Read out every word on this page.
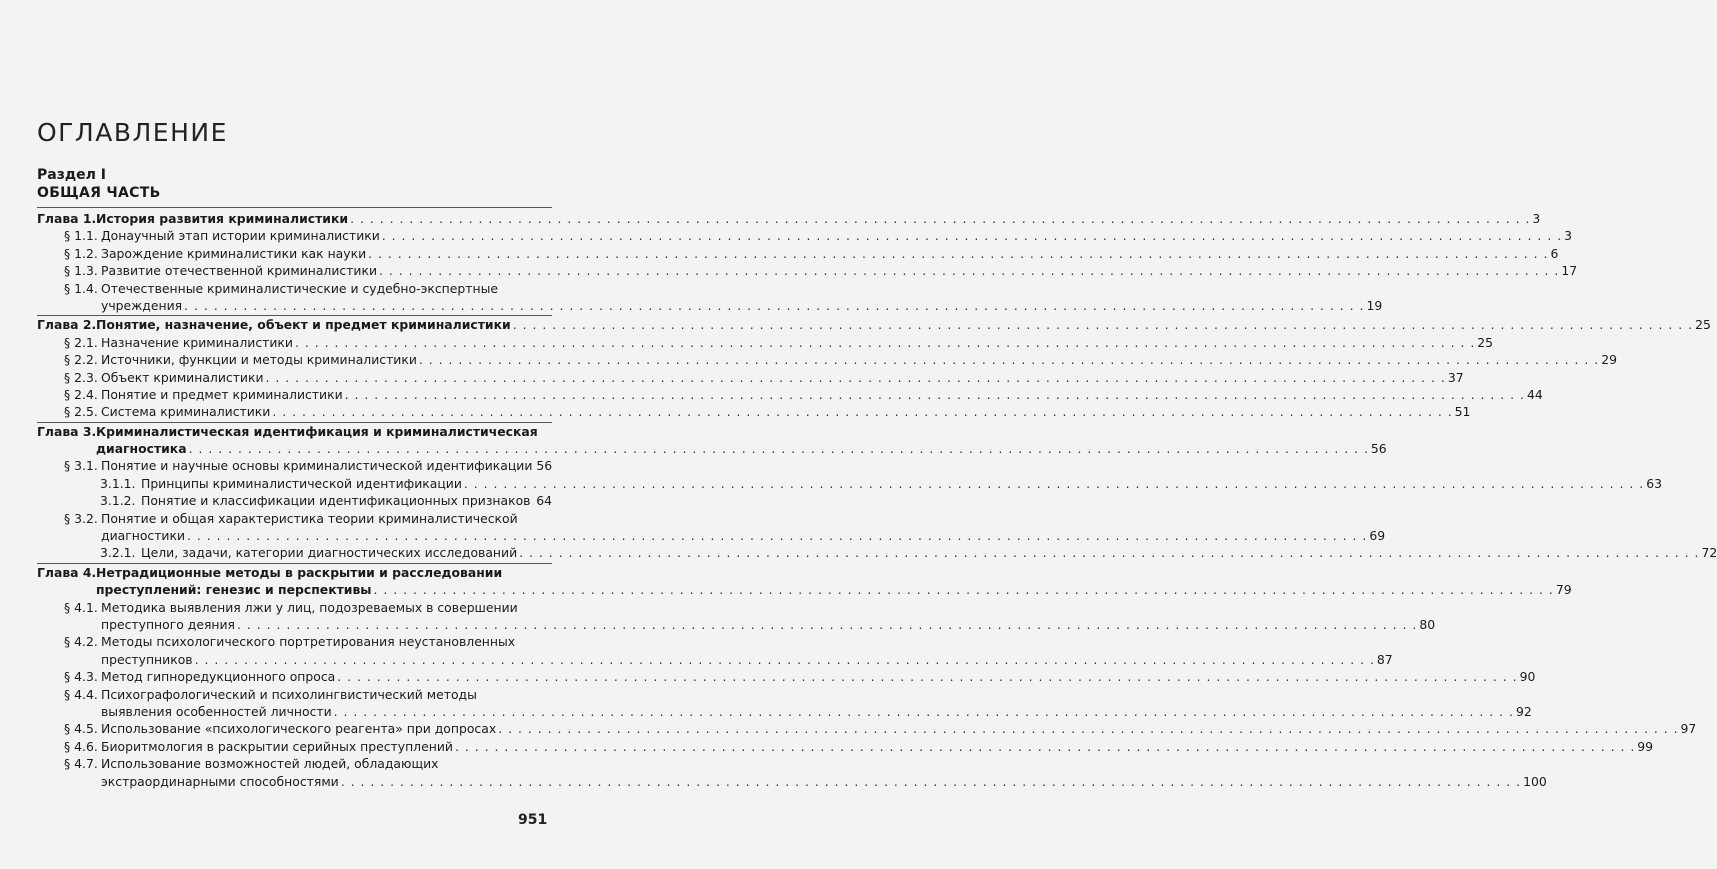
ОГЛАВЛЕНИЕ
Раздел I
ОБЩАЯ ЧАСТЬ
Глава 1. История развития криминалистики . . . . . . . . . . . . . . . . . . . . . . . . . . . . . . . . . . . . . . . . . . . . . . . . . . . . . . . . . . . . . . . . . . . . . . . . . . . . . . . . . . . . . . . . . . . . . . . . . . . . . . . . . . . . . . . . . . . . . . . . 3
§ 1.1. Донаучный этап истории криминалистики . . . . . . . . . . . . . . . . . . . . . . . . . . . . . . . . . . . . . . . . . . . . . . . . . . . . . . . . . . . . . . . . . . . . . . . . . . . . . . . . . . . . . . . . . . . . . . . . . . . . . . . . . . . . . . . . . . . . . . . . 3
§ 1.2. Зарождение криминалистики как науки . . . . . . . . . . . . . . . . . . . . . . . . . . . . . . . . . . . . . . . . . . . . . . . . . . . . . . . . . . . . . . . . . . . . . . . . . . . . . . . . . . . . . . . . . . . . . . . . . . . . . . . . . . . . . . . . . . . . . . . . 6
§ 1.3. Развитие отечественной криминалистики . . . . . . . . . . . . . . . . . . . . . . . . . . . . . . . . . . . . . . . . . . . . . . . . . . . . . . . . . . . . . . . . . . . . . . . . . . . . . . . . . . . . . . . . . . . . . . . . . . . . . . . . . . . . . . . . . . . . . . . . 17
§ 1.4. Отечественные криминалистические и судебно-экспертные
учреждения . . . . . . . . . . . . . . . . . . . . . . . . . . . . . . . . . . . . . . . . . . . . . . . . . . . . . . . . . . . . . . . . . . . . . . . . . . . . . . . . . . . . . . . . . . . . . . . . . . . . . . . . . . . . . . . . . . . . . . . . 19
Глава 2. Понятие, назначение, объект и предмет криминалистики . . . . . . . . . . . . . . . . . . . . . . . . . . . . . . . . . . . . . . . . . . . . . . . . . . . . . . . . . . . . . . . . . . . . . . . . . . . . . . . . . . . . . . . . . . . . . . . . . . . . . . . . . . . . . . . . . . . . . . . . 25
§ 2.1. Назначение криминалистики . . . . . . . . . . . . . . . . . . . . . . . . . . . . . . . . . . . . . . . . . . . . . . . . . . . . . . . . . . . . . . . . . . . . . . . . . . . . . . . . . . . . . . . . . . . . . . . . . . . . . . . . . . . . . . . . . . . . . . . . 25
§ 2.2. Источники, функции и методы криминалистики . . . . . . . . . . . . . . . . . . . . . . . . . . . . . . . . . . . . . . . . . . . . . . . . . . . . . . . . . . . . . . . . . . . . . . . . . . . . . . . . . . . . . . . . . . . . . . . . . . . . . . . . . . . . . . . . . . . . . . . . 29
§ 2.3. Объект криминалистики . . . . . . . . . . . . . . . . . . . . . . . . . . . . . . . . . . . . . . . . . . . . . . . . . . . . . . . . . . . . . . . . . . . . . . . . . . . . . . . . . . . . . . . . . . . . . . . . . . . . . . . . . . . . . . . . . . . . . . . . 37
§ 2.4. Понятие и предмет криминалистики . . . . . . . . . . . . . . . . . . . . . . . . . . . . . . . . . . . . . . . . . . . . . . . . . . . . . . . . . . . . . . . . . . . . . . . . . . . . . . . . . . . . . . . . . . . . . . . . . . . . . . . . . . . . . . . . . . . . . . . . 44
§ 2.5. Система криминалистики . . . . . . . . . . . . . . . . . . . . . . . . . . . . . . . . . . . . . . . . . . . . . . . . . . . . . . . . . . . . . . . . . . . . . . . . . . . . . . . . . . . . . . . . . . . . . . . . . . . . . . . . . . . . . . . . . . . . . . . . 51
Глава 3. Криминалистическая идентификация и криминалистическая
диагностика . . . . . . . . . . . . . . . . . . . . . . . . . . . . . . . . . . . . . . . . . . . . . . . . . . . . . . . . . . . . . . . . . . . . . . . . . . . . . . . . . . . . . . . . . . . . . . . . . . . . . . . . . . . . . . . . . . . . . . . . 56
§ 3.1. Понятие и научные основы криминалистической идентификации 56
3.1.1. Принципы криминалистической идентификации . . . . . . . . . . . . . . . . . . . . . . . . . . . . . . . . . . . . . . . . . . . . . . . . . . . . . . . . . . . . . . . . . . . . . . . . . . . . . . . . . . . . . . . . . . . . . . . . . . . . . . . . . . . . . . . . . . . . . . . . 63
3.1.2. Понятие и классификации идентификационных признаков 64
§ 3.2. Понятие и общая характеристика теории криминалистической
диагностики . . . . . . . . . . . . . . . . . . . . . . . . . . . . . . . . . . . . . . . . . . . . . . . . . . . . . . . . . . . . . . . . . . . . . . . . . . . . . . . . . . . . . . . . . . . . . . . . . . . . . . . . . . . . . . . . . . . . . . . . 69
3.2.1. Цели, задачи, категории диагностических исследований . . . . . . . . . . . . . . . . . . . . . . . . . . . . . . . . . . . . . . . . . . . . . . . . . . . . . . . . . . . . . . . . . . . . . . . . . . . . . . . . . . . . . . . . . . . . . . . . . . . . . . . . . . . . . . . . . . . . . . . . 72
Глава 4. Нетрадиционные методы в раскрытии и расследовании
преступлений: генезис и перспективы . . . . . . . . . . . . . . . . . . . . . . . . . . . . . . . . . . . . . . . . . . . . . . . . . . . . . . . . . . . . . . . . . . . . . . . . . . . . . . . . . . . . . . . . . . . . . . . . . . . . . . . . . . . . . . . . . . . . . . . . 79
§ 4.1. Методика выявления лжи у лиц, подозреваемых в совершении
преступного деяния . . . . . . . . . . . . . . . . . . . . . . . . . . . . . . . . . . . . . . . . . . . . . . . . . . . . . . . . . . . . . . . . . . . . . . . . . . . . . . . . . . . . . . . . . . . . . . . . . . . . . . . . . . . . . . . . . . . . . . . . 80
§ 4.2. Методы психологического портретирования неустановленных
преступников . . . . . . . . . . . . . . . . . . . . . . . . . . . . . . . . . . . . . . . . . . . . . . . . . . . . . . . . . . . . . . . . . . . . . . . . . . . . . . . . . . . . . . . . . . . . . . . . . . . . . . . . . . . . . . . . . . . . . . . . 87
§ 4.3. Метод гипноредукционного опроса . . . . . . . . . . . . . . . . . . . . . . . . . . . . . . . . . . . . . . . . . . . . . . . . . . . . . . . . . . . . . . . . . . . . . . . . . . . . . . . . . . . . . . . . . . . . . . . . . . . . . . . . . . . . . . . . . . . . . . . . 90
§ 4.4. Психографологический и психолингвистический методы
выявления особенностей личности . . . . . . . . . . . . . . . . . . . . . . . . . . . . . . . . . . . . . . . . . . . . . . . . . . . . . . . . . . . . . . . . . . . . . . . . . . . . . . . . . . . . . . . . . . . . . . . . . . . . . . . . . . . . . . . . . . . . . . . . 92
§ 4.5. Использование «психологического реагента» при допросах . . . . . . . . . . . . . . . . . . . . . . . . . . . . . . . . . . . . . . . . . . . . . . . . . . . . . . . . . . . . . . . . . . . . . . . . . . . . . . . . . . . . . . . . . . . . . . . . . . . . . . . . . . . . . . . . . . . . . . . . 97
§ 4.6. Биоритмология в раскрытии серийных преступлений . . . . . . . . . . . . . . . . . . . . . . . . . . . . . . . . . . . . . . . . . . . . . . . . . . . . . . . . . . . . . . . . . . . . . . . . . . . . . . . . . . . . . . . . . . . . . . . . . . . . . . . . . . . . . . . . . . . . . . . . 99
§ 4.7. Использование возможностей людей, обладающих
экстраординарными способностями . . . . . . . . . . . . . . . . . . . . . . . . . . . . . . . . . . . . . . . . . . . . . . . . . . . . . . . . . . . . . . . . . . . . . . . . . . . . . . . . . . . . . . . . . . . . . . . . . . . . . . . . . . . . . . . . . . . . . . . . 100
951
